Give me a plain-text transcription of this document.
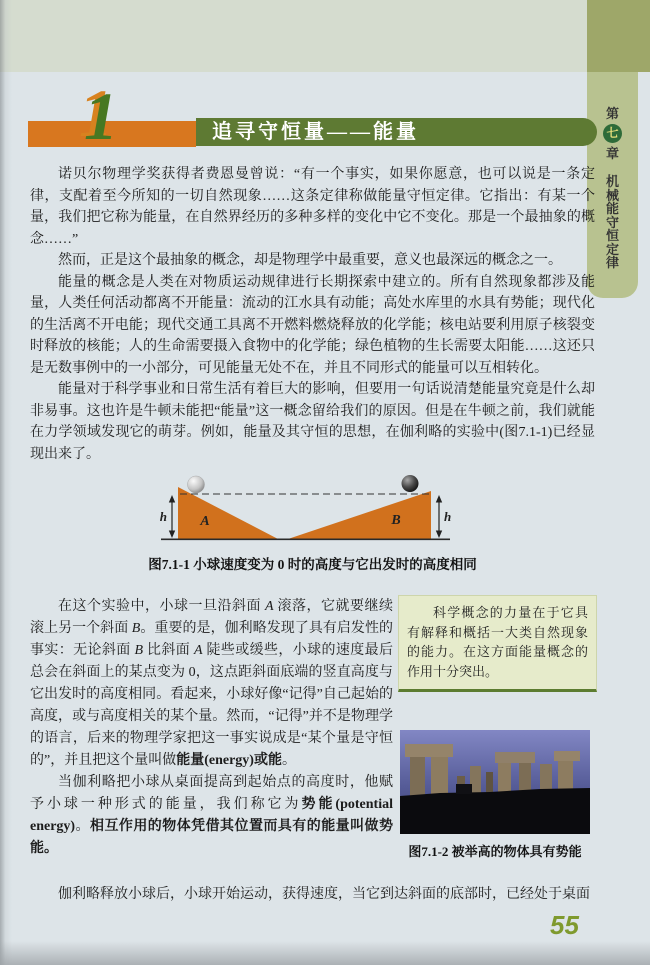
第
七
章
机械能守恒定律
追寻守恒量——能量
1

诺贝尔物理学奖获得者费恩曼曾说：“有一个事实，如果你愿意，也可以说是一条定律，支配着至今所知的一切自然现象……这条定律称做能量守恒定律。它指出：有某一个量，我们把它称为能量，在自然界经历的多种多样的变化中它不变化。那是一个最抽象的概念……”

然而，正是这个最抽象的概念，却是物理学中最重要，意义也最深远的概念之一。

能量的概念是人类在对物质运动规律进行长期探索中建立的。所有自然现象都涉及能量，人类任何活动都离不开能量：流动的江水具有动能；高处水库里的水具有势能；现代化的生活离不开电能；现代交通工具离不开燃料燃烧释放的化学能；核电站要利用原子核裂变时释放的核能；人的生命需要摄入食物中的化学能；绿色植物的生长需要太阳能……这还只是无数事例中的一小部分，可见能量无处不在，并且不同形式的能量可以互相转化。

能量对于科学事业和日常生活有着巨大的影响，但要用一句话说清楚能量究竟是什么却非易事。这也许是牛顿未能把“能量”这一概念留给我们的原因。但是在牛顿之前，我们就能在力学领域发现它的萌芽。例如，能量及其守恒的思想，在伽利略的实验中(图7.1-1)已经显现出来了。

h	h
A	B
图7.1-1 小球速度变为 0 时的高度与它出发时的高度相同

在这个实验中，小球一旦沿斜面 A 滚落，它就要继续滚上另一个斜面 B。重要的是，伽利略发现了具有启发性的事实：无论斜面 B 比斜面 A 陡些或缓些，小球的速度最后总会在斜面上的某点变为 0，这点距斜面底端的竖直高度与它出发时的高度相同。看起来，小球好像“记得”自己起始的高度，或与高度相关的某个量。然而，“记得”并不是物理学的语言，后来的物理学家把这一事实说成是“某个量是守恒的”，并且把这个量叫做能量(energy)或能。

当伽利略把小球从桌面提高到起始点的高度时，他赋予小球一种形式的能量，我们称它为势能(potential energy)。相互作用的物体凭借其位置而具有的能量叫做势能。

科学概念的力量在于它具有解释和概括一大类自然现象的能力。在这方面能量概念的作用十分突出。

图7.1-2 被举高的物体具有势能

伽利略释放小球后，小球开始运动，获得速度，当它到达斜面的底部时，已经处于桌面

55
